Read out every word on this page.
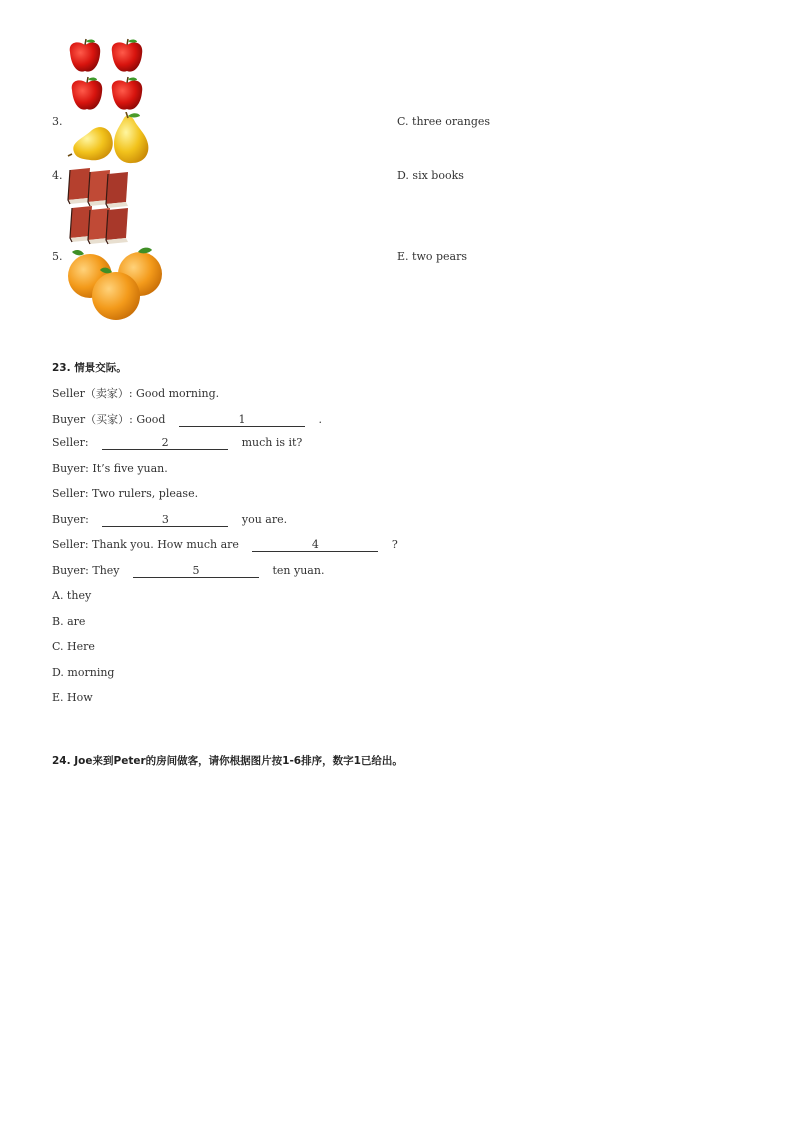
3.	C. three oranges
4.	D. six books
5.	E. two pears
23. 情景交际。
Seller（卖家）: Good morning.
Buyer（买家）: Good	1	.
Seller:	2	much is it?
Buyer: It’s five yuan.
Seller: Two rulers, please.
Buyer:	3	you are.
Seller: Thank you. How much are	4	?
Buyer: They	5	ten yuan.
A. they
B. are
C. Here
D. morning
E. How
24. Joe来到Peter的房间做客，请你根据图片按1-6排序，数字1已给出。
